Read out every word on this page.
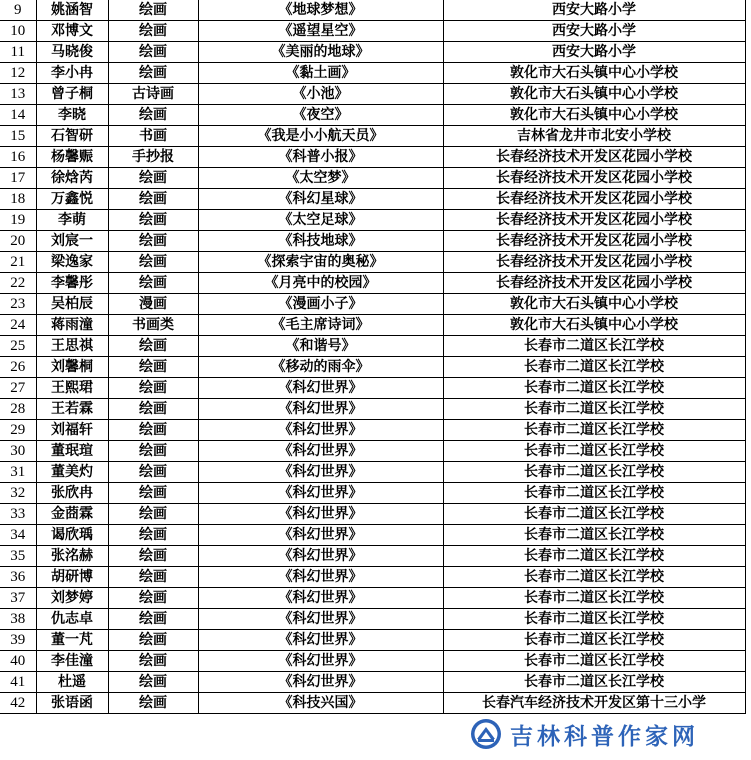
9	姚涵智	绘画	《地球梦想》	西安大路小学
10	邓博文	绘画	《遥望星空》	西安大路小学
11	马晓俊	绘画	《美丽的地球》	西安大路小学
12	李小冉	绘画	《黏土画》	敦化市大石头镇中心小学校
13	曾子桐	古诗画	《小池》	敦化市大石头镇中心小学校
14	李晓	绘画	《夜空》	敦化市大石头镇中心小学校
15	石智研	书画	《我是小小航天员》	吉林省龙井市北安小学校
16	杨馨赈	手抄报	《科普小报》	长春经济技术开发区花园小学校
17	徐焓芮	绘画	《太空梦》	长春经济技术开发区花园小学校
18	万鑫悦	绘画	《科幻星球》	长春经济技术开发区花园小学校
19	李萌	绘画	《太空足球》	长春经济技术开发区花园小学校
20	刘宸一	绘画	《科技地球》	长春经济技术开发区花园小学校
21	梁逸家	绘画	《探索宇宙的奥秘》	长春经济技术开发区花园小学校
22	李馨彤	绘画	《月亮中的校园》	长春经济技术开发区花园小学校
23	吴柏辰	漫画	《漫画小子》	敦化市大石头镇中心小学校
24	蒋雨潼	书画类	《毛主席诗词》	敦化市大石头镇中心小学校
25	王思祺	绘画	《和谐号》	长春市二道区长江学校
26	刘馨桐	绘画	《移动的雨伞》	长春市二道区长江学校
27	王熙珺	绘画	《科幻世界》	长春市二道区长江学校
28	王若霖	绘画	《科幻世界》	长春市二道区长江学校
29	刘福轩	绘画	《科幻世界》	长春市二道区长江学校
30	董珉瑄	绘画	《科幻世界》	长春市二道区长江学校
31	董美灼	绘画	《科幻世界》	长春市二道区长江学校
32	张欣冉	绘画	《科幻世界》	长春市二道区长江学校
33	金莔霖	绘画	《科幻世界》	长春市二道区长江学校
34	谒欣瑀	绘画	《科幻世界》	长春市二道区长江学校
35	张洺赫	绘画	《科幻世界》	长春市二道区长江学校
36	胡研博	绘画	《科幻世界》	长春市二道区长江学校
37	刘梦婷	绘画	《科幻世界》	长春市二道区长江学校
38	仇志卓	绘画	《科幻世界》	长春市二道区长江学校
39	董一芃	绘画	《科幻世界》	长春市二道区长江学校
40	李佳潼	绘画	《科幻世界》	长春市二道区长江学校
41	杜遥	绘画	《科幻世界》	长春市二道区长江学校
42	张语函	绘画	《科技兴国》	长春汽车经济技术开发区第十三小学
吉林科普作家网
